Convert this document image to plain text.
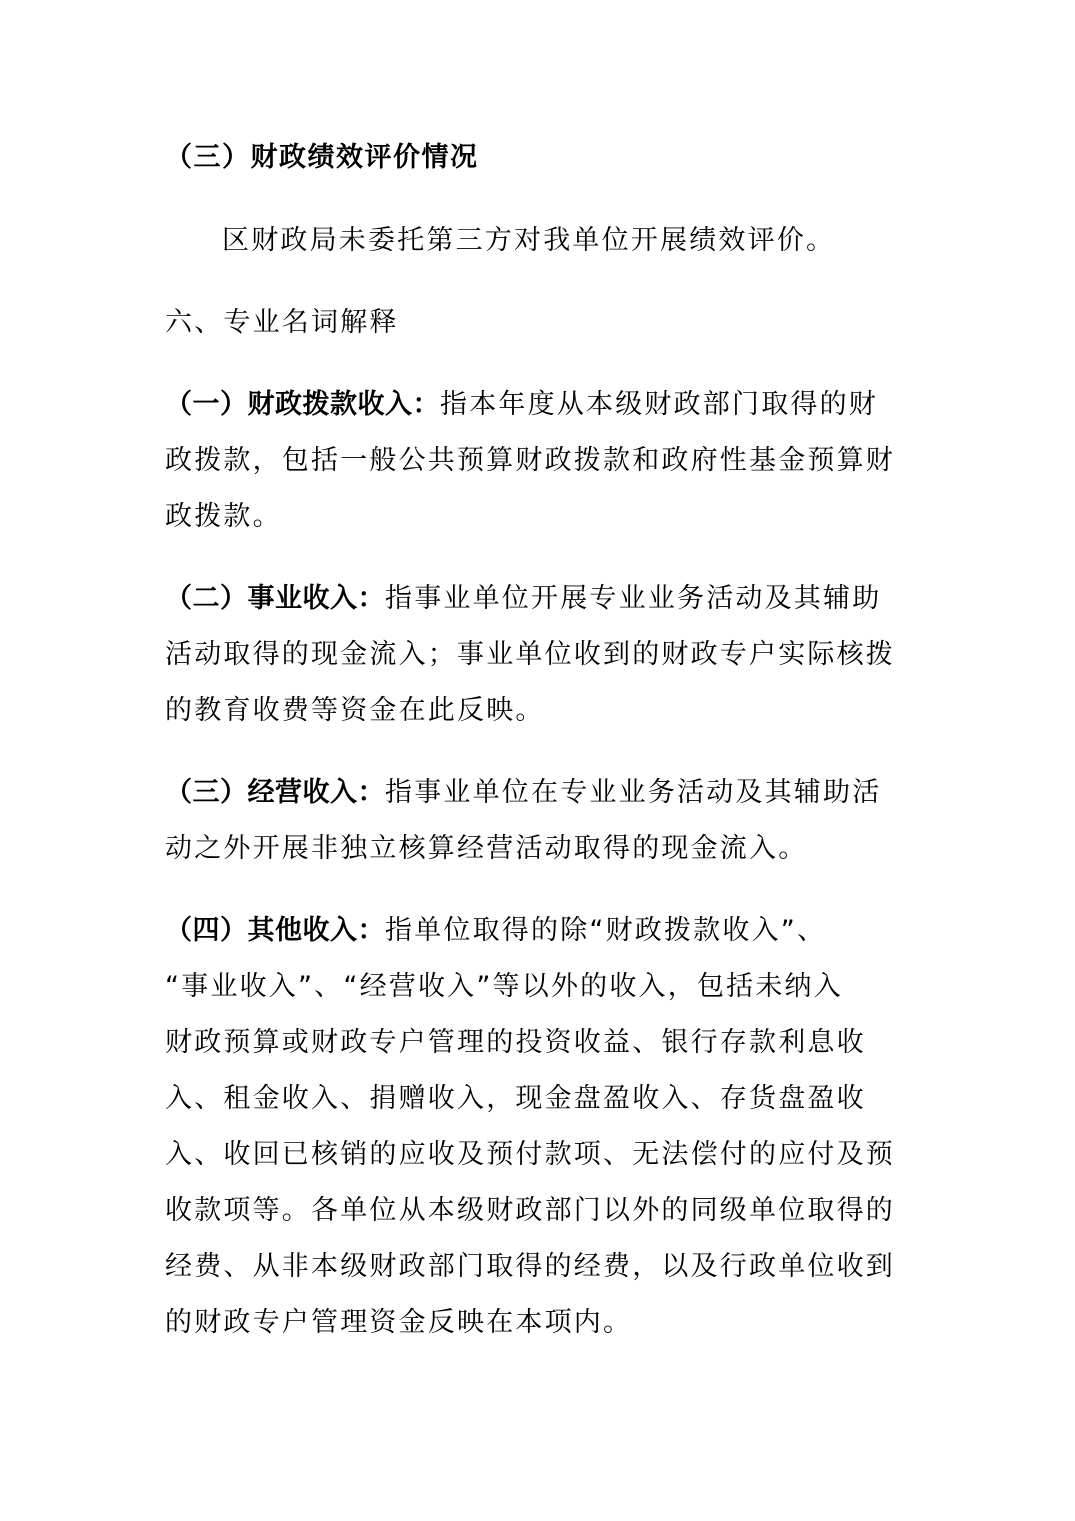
（三）财政绩效评价情况
区财政局未委托第三方对我单位开展绩效评价。
六、专业名词解释
（一）财政拨款收入：指本年度从本级财政部门取得的财
政拨款，包括一般公共预算财政拨款和政府性基金预算财
政拨款。
（二）事业收入：指事业单位开展专业业务活动及其辅助
活动取得的现金流入；事业单位收到的财政专户实际核拨
的教育收费等资金在此反映。
（三）经营收入：指事业单位在专业业务活动及其辅助活
动之外开展非独立核算经营活动取得的现金流入。
（四）其他收入：指单位取得的除“财政拨款收入”、
“事业收入”、“经营收入”等以外的收入，包括未纳入
财政预算或财政专户管理的投资收益、银行存款利息收
入、租金收入、捐赠收入，现金盘盈收入、存货盘盈收
入、收回已核销的应收及预付款项、无法偿付的应付及预
收款项等。各单位从本级财政部门以外的同级单位取得的
经费、从非本级财政部门取得的经费，以及行政单位收到
的财政专户管理资金反映在本项内。
